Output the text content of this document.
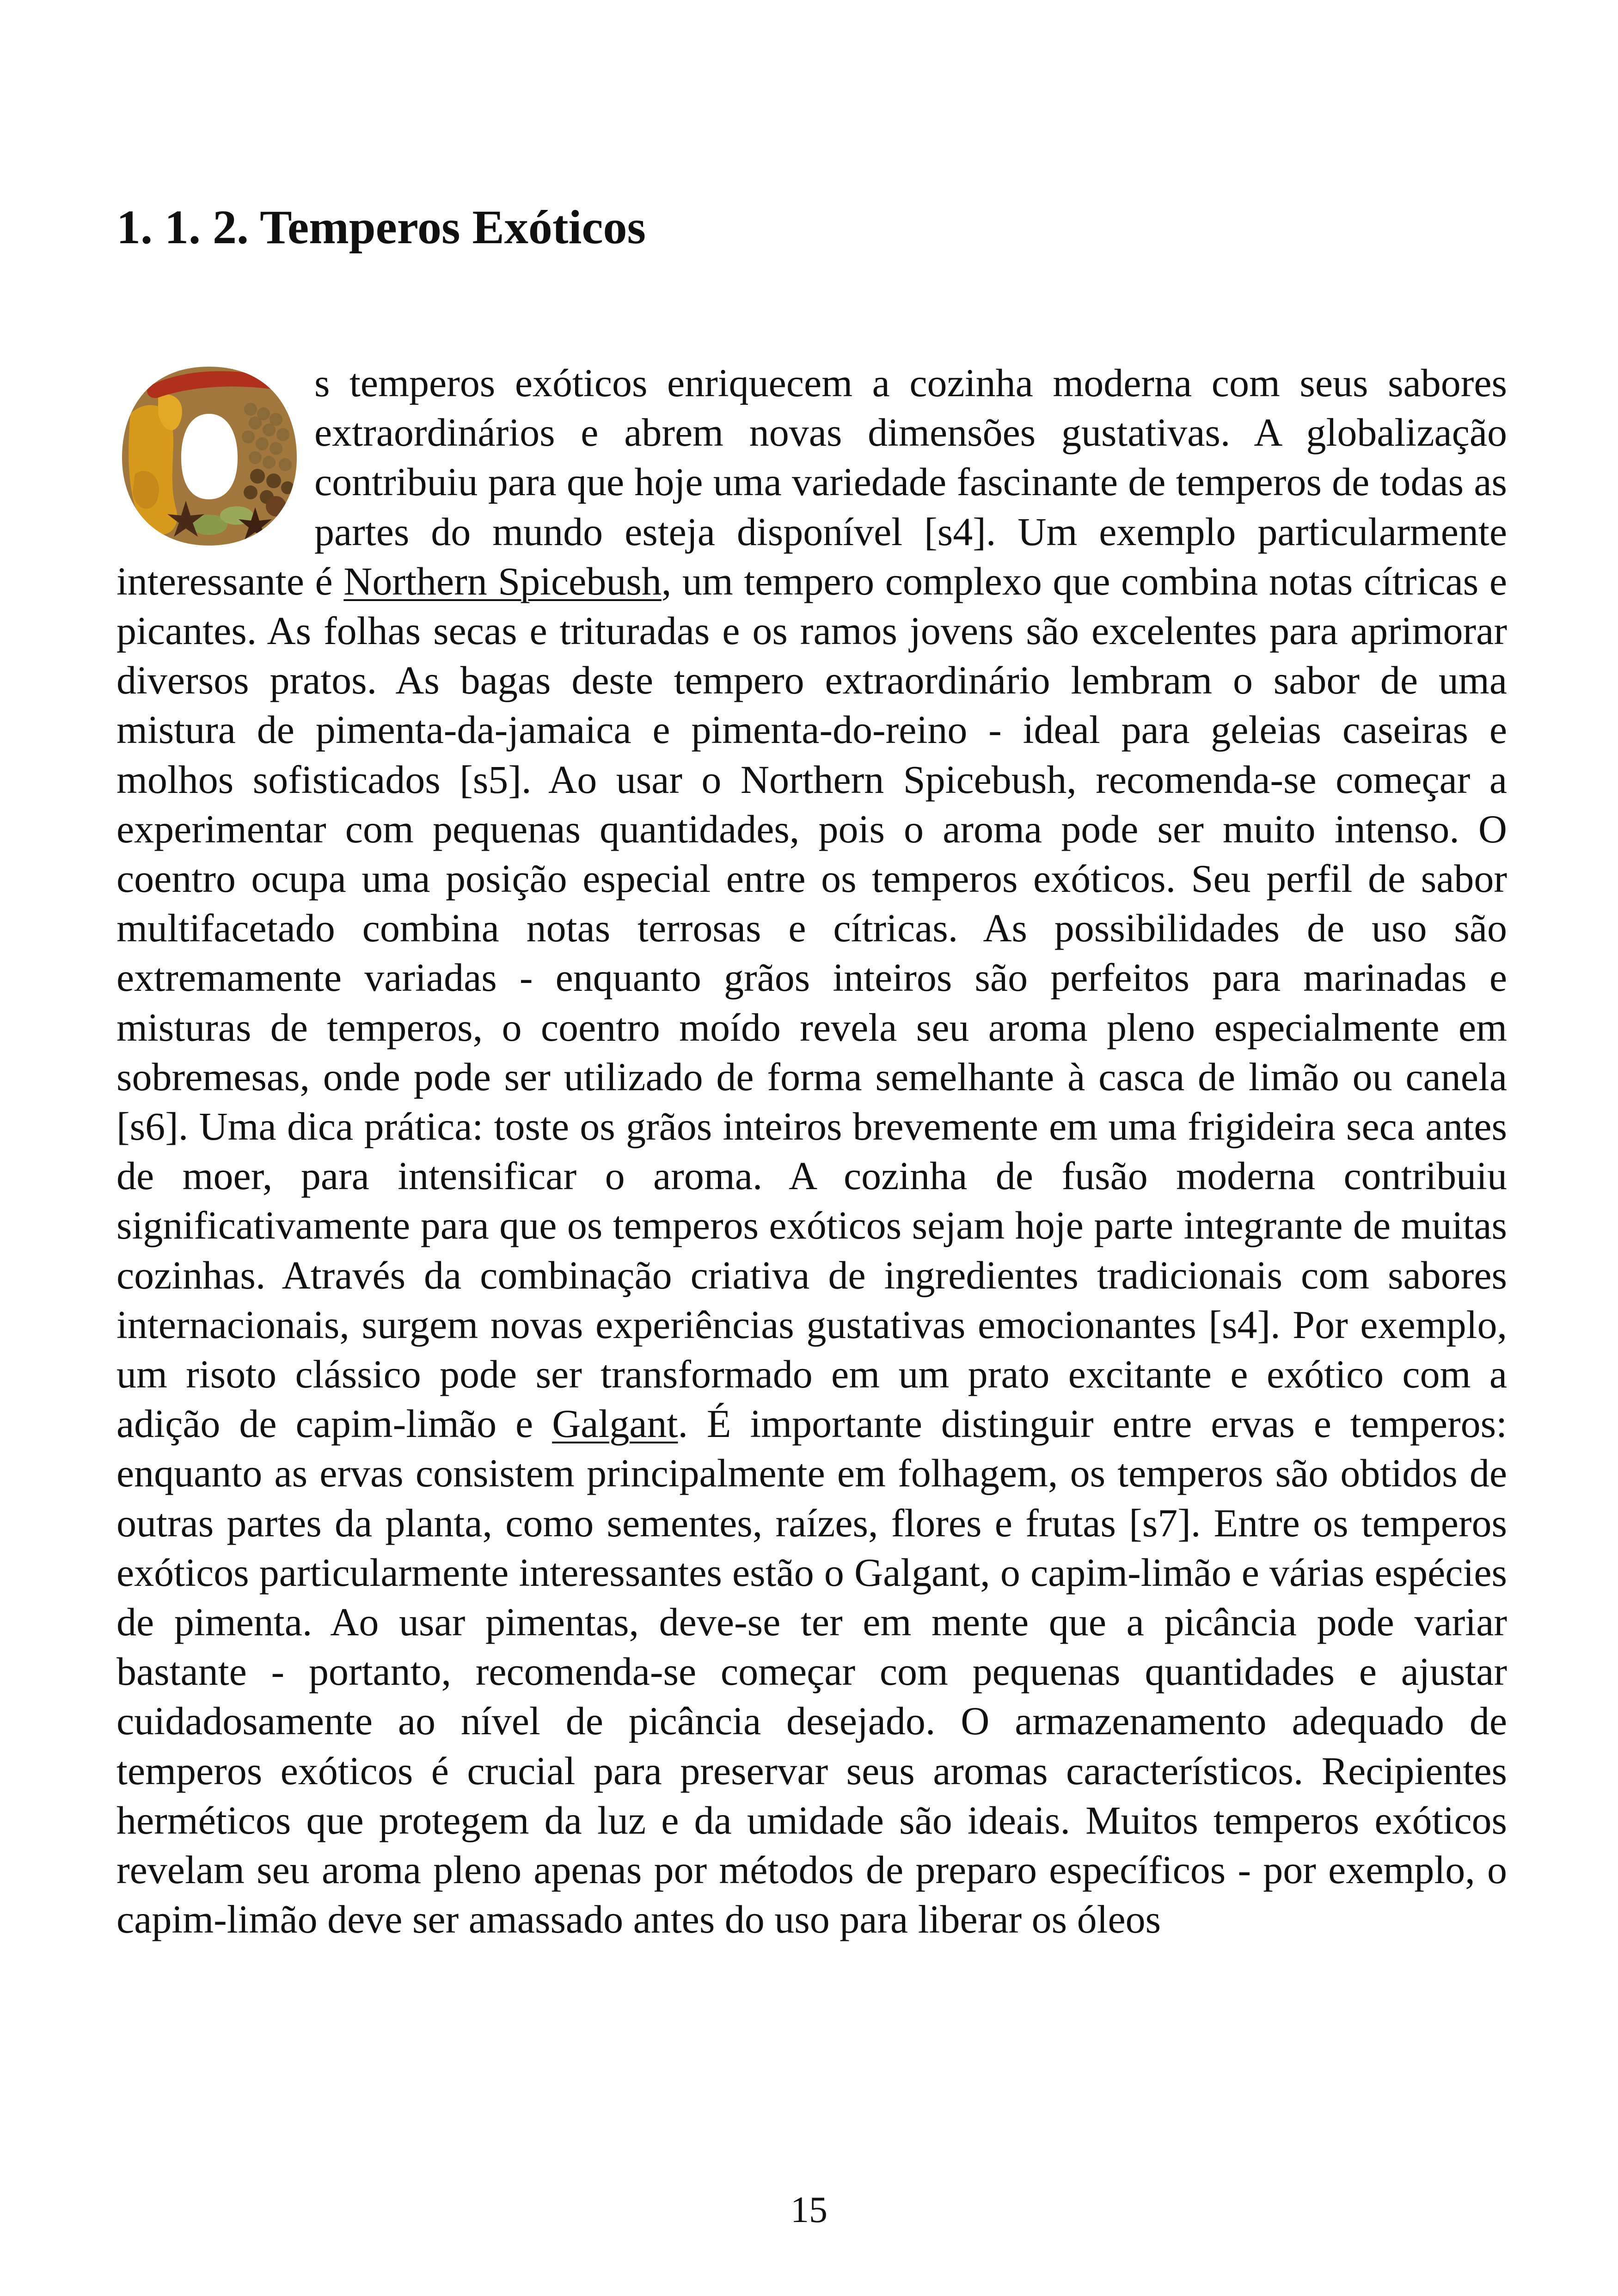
1. 1. 2. Temperos Exóticos

s temperos exóticos enriquecem a cozinha moderna com seus sabores extraordinários e abrem novas dimensões gustativas. A globalização contribuiu para que hoje uma variedade fascinante de temperos de todas as partes do mundo esteja disponível [s4]. Um exemplo particularmente interessante é Northern Spicebush, um tempero complexo que combina notas cítricas e picantes. As folhas secas e trituradas e os ramos jovens são excelentes para aprimorar diversos pratos. As bagas deste tempero extraordinário lembram o sabor de uma mistura de pimenta-da-jamaica e pimenta-do-reino - ideal para geleias caseiras e molhos sofisticados [s5]. Ao usar o Northern Spicebush, recomenda-se começar a experimentar com pequenas quantidades, pois o aroma pode ser muito intenso. O coentro ocupa uma posição especial entre os temperos exóticos. Seu perfil de sabor multifacetado combina notas terrosas e cítricas. As possibilidades de uso são extremamente variadas - enquanto grãos inteiros são perfeitos para marinadas e misturas de temperos, o coentro moído revela seu aroma pleno especialmente em sobremesas, onde pode ser utilizado de forma semelhante à casca de limão ou canela [s6]. Uma dica prática: toste os grãos inteiros brevemente em uma frigideira seca antes de moer, para intensificar o aroma. A cozinha de fusão moderna contribuiu significativamente para que os temperos exóticos sejam hoje parte integrante de muitas cozinhas. Através da combinação criativa de ingredientes tradicionais com sabores internacionais, surgem novas experiências gustativas emocionantes [s4]. Por exemplo, um risoto clássico pode ser transformado em um prato excitante e exótico com a adição de capim-limão e Galgant. É importante distinguir entre ervas e temperos: enquanto as ervas consistem principalmente em folhagem, os temperos são obtidos de outras partes da planta, como sementes, raízes, flores e frutas [s7]. Entre os temperos exóticos particularmente interessantes estão o Galgant, o capim-limão e várias espécies de pimenta. Ao usar pimentas, deve-se ter em mente que a picância pode variar bastante - portanto, recomenda-se começar com pequenas quantidades e ajustar cuidadosamente ao nível de picância desejado. O armazenamento adequado de temperos exóticos é crucial para preservar seus aromas característicos. Recipientes herméticos que protegem da luz e da umidade são ideais. Muitos temperos exóticos revelam seu aroma pleno apenas por métodos de preparo específicos - por exemplo, o capim-limão deve ser amassado antes do uso para liberar os óleos

15
